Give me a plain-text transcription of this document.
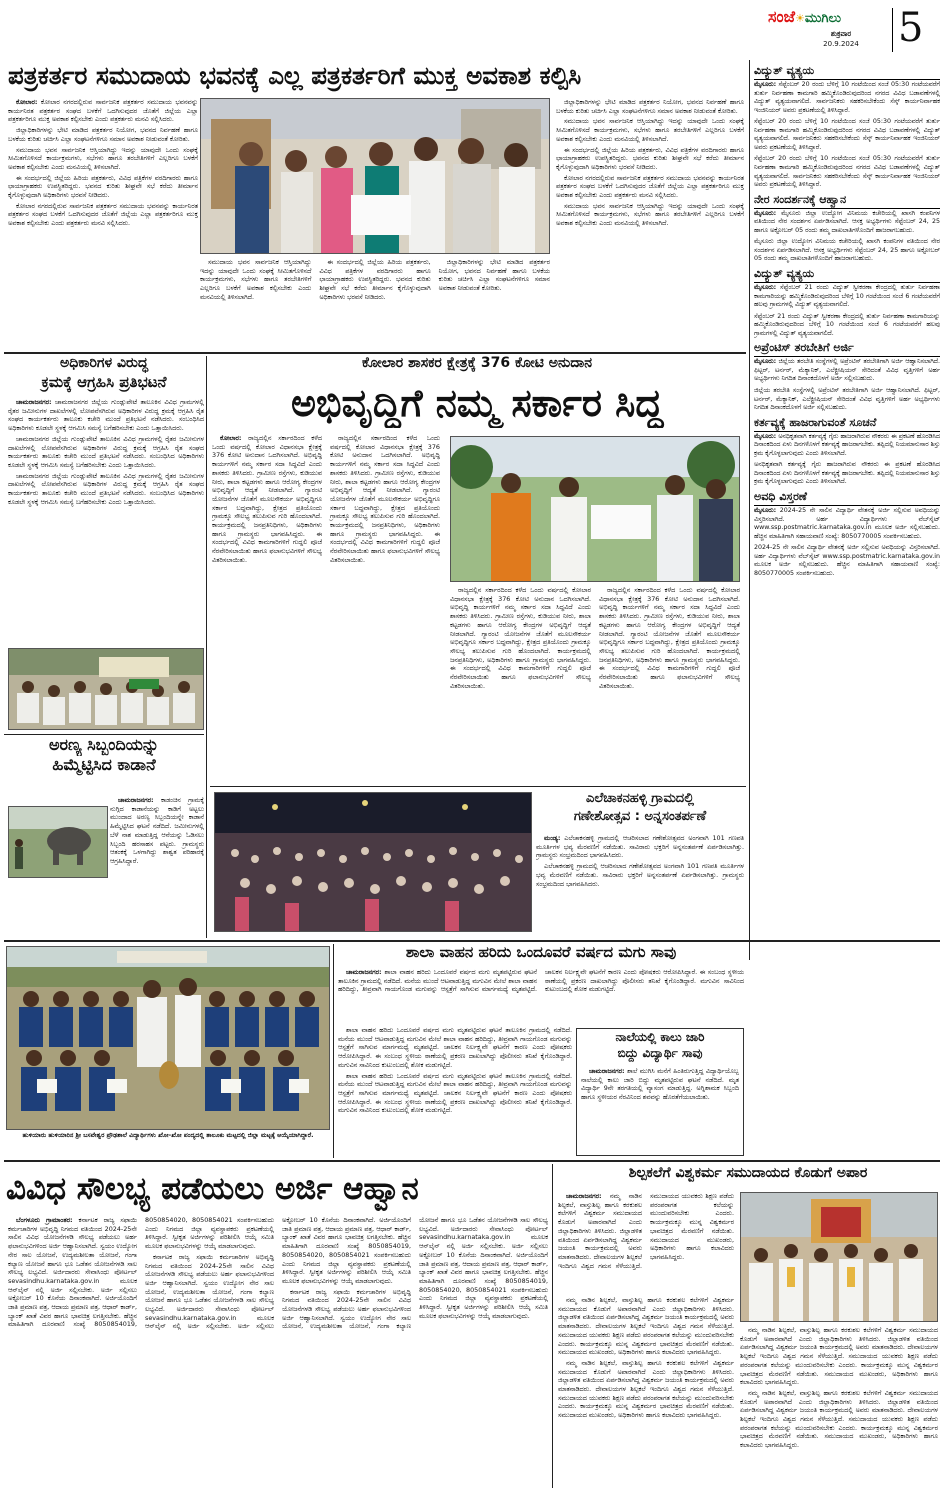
ಸಂಜೆ☀ಮುಗಿಲು
ಶುಕ್ರವಾರ
20.9.2024 5
ಪತ್ರಕರ್ತರ ಸಮುದಾಯ ಭವನಕ್ಕೆ ಎಲ್ಲ ಪತ್ರಕರ್ತರಿಗೆ ಮುಕ್ತ ಅವಕಾಶ ಕಲ್ಪಿಸಿ

ಕೋಲಾರ: ಕೋಲಾರ ನಗರದಲ್ಲಿರುವ ಸಾರ್ವಜನಿಕ ಪತ್ರಕರ್ತರ ಸಮುದಾಯ ಭವನವನ್ನು ಕಾರ್ಯನಿರತ ಪತ್ರಕರ್ತರ ಸಂಘದ ಬಳಕೆಗೆ ಒದಗಿಸುವುದರ ಜೊತೆಗೆ ಜಿಲ್ಲೆಯ ಎಲ್ಲಾ ಪತ್ರಕರ್ತರಿಗೂ ಮುಕ್ತ ಅವಕಾಶ ಕಲ್ಪಿಸಬೇಕು ಎಂದು ಪತ್ರಕರ್ತರು ಮನವಿ ಸಲ್ಲಿಸಿದರು.

ಜಿಲ್ಲಾಧಿಕಾರಿಗಳನ್ನು ಭೇಟಿ ಮಾಡಿದ ಪತ್ರಕರ್ತರ ನಿಯೋಗ, ಭವನದ ನಿರ್ವಹಣೆ ಹಾಗೂ ಬಳಕೆಯ ಕುರಿತು ಚರ್ಚಿಸಿ ಎಲ್ಲಾ ಸಂಘಟನೆಗಳಿಗೂ ಸಮಾನ ಅವಕಾಶ ನೀಡುವಂತೆ ಕೋರಿತು.

ಸಮುದಾಯ ಭವನ ಸಾರ್ವಜನಿಕ ಆಸ್ತಿಯಾಗಿದ್ದು ಇದನ್ನು ಯಾವುದೇ ಒಂದು ಸಂಘಕ್ಕೆ ಸೀಮಿತಗೊಳಿಸದೆ ಕಾರ್ಯಕ್ರಮಗಳು, ಸಭೆಗಳು ಹಾಗೂ ತರಬೇತಿಗಳಿಗೆ ಎಲ್ಲರಿಗೂ ಬಳಕೆಗೆ ಅವಕಾಶ ಕಲ್ಪಿಸಬೇಕು ಎಂದು ಮನವಿಯಲ್ಲಿ ತಿಳಿಸಲಾಗಿದೆ.

ಈ ಸಂದರ್ಭದಲ್ಲಿ ಜಿಲ್ಲೆಯ ಹಿರಿಯ ಪತ್ರಕರ್ತರು, ವಿವಿಧ ಪತ್ರಿಕೆಗಳ ವರದಿಗಾರರು ಹಾಗೂ ಛಾಯಾಗ್ರಾಹಕರು ಉಪಸ್ಥಿತರಿದ್ದರು. ಭವನದ ಕುರಿತು ಶೀಘ್ರವೇ ಸಭೆ ಕರೆದು ತೀರ್ಮಾನ ಕೈಗೊಳ್ಳುವುದಾಗಿ ಅಧಿಕಾರಿಗಳು ಭರವಸೆ ನೀಡಿದರು.

ಕೋಲಾರ ನಗರದಲ್ಲಿರುವ ಸಾರ್ವಜನಿಕ ಪತ್ರಕರ್ತರ ಸಮುದಾಯ ಭವನವನ್ನು ಕಾರ್ಯನಿರತ ಪತ್ರಕರ್ತರ ಸಂಘದ ಬಳಕೆಗೆ ಒದಗಿಸುವುದರ ಜೊತೆಗೆ ಜಿಲ್ಲೆಯ ಎಲ್ಲಾ ಪತ್ರಕರ್ತರಿಗೂ ಮುಕ್ತ ಅವಕಾಶ ಕಲ್ಪಿಸಬೇಕು ಎಂದು ಪತ್ರಕರ್ತರು ಮನವಿ ಸಲ್ಲಿಸಿದರು.

ಸಮುದಾಯ ಭವನ ಸಾರ್ವಜನಿಕ ಆಸ್ತಿಯಾಗಿದ್ದು ಇದನ್ನು ಯಾವುದೇ ಒಂದು ಸಂಘಕ್ಕೆ ಸೀಮಿತಗೊಳಿಸದೆ ಕಾರ್ಯಕ್ರಮಗಳು, ಸಭೆಗಳು ಹಾಗೂ ತರಬೇತಿಗಳಿಗೆ ಎಲ್ಲರಿಗೂ ಬಳಕೆಗೆ ಅವಕಾಶ ಕಲ್ಪಿಸಬೇಕು ಎಂದು ಮನವಿಯಲ್ಲಿ ತಿಳಿಸಲಾಗಿದೆ.

ಈ ಸಂದರ್ಭದಲ್ಲಿ ಜಿಲ್ಲೆಯ ಹಿರಿಯ ಪತ್ರಕರ್ತರು, ವಿವಿಧ ಪತ್ರಿಕೆಗಳ ವರದಿಗಾರರು ಹಾಗೂ ಛಾಯಾಗ್ರಾಹಕರು ಉಪಸ್ಥಿತರಿದ್ದರು. ಭವನದ ಕುರಿತು ಶೀಘ್ರವೇ ಸಭೆ ಕರೆದು ತೀರ್ಮಾನ ಕೈಗೊಳ್ಳುವುದಾಗಿ ಅಧಿಕಾರಿಗಳು ಭರವಸೆ ನೀಡಿದರು.

ಜಿಲ್ಲಾಧಿಕಾರಿಗಳನ್ನು ಭೇಟಿ ಮಾಡಿದ ಪತ್ರಕರ್ತರ ನಿಯೋಗ, ಭವನದ ನಿರ್ವಹಣೆ ಹಾಗೂ ಬಳಕೆಯ ಕುರಿತು ಚರ್ಚಿಸಿ ಎಲ್ಲಾ ಸಂಘಟನೆಗಳಿಗೂ ಸಮಾನ ಅವಕಾಶ ನೀಡುವಂತೆ ಕೋರಿತು.

ಜಿಲ್ಲಾಧಿಕಾರಿಗಳನ್ನು ಭೇಟಿ ಮಾಡಿದ ಪತ್ರಕರ್ತರ ನಿಯೋಗ, ಭವನದ ನಿರ್ವಹಣೆ ಹಾಗೂ ಬಳಕೆಯ ಕುರಿತು ಚರ್ಚಿಸಿ ಎಲ್ಲಾ ಸಂಘಟನೆಗಳಿಗೂ ಸಮಾನ ಅವಕಾಶ ನೀಡುವಂತೆ ಕೋರಿತು.

ಸಮುದಾಯ ಭವನ ಸಾರ್ವಜನಿಕ ಆಸ್ತಿಯಾಗಿದ್ದು ಇದನ್ನು ಯಾವುದೇ ಒಂದು ಸಂಘಕ್ಕೆ ಸೀಮಿತಗೊಳಿಸದೆ ಕಾರ್ಯಕ್ರಮಗಳು, ಸಭೆಗಳು ಹಾಗೂ ತರಬೇತಿಗಳಿಗೆ ಎಲ್ಲರಿಗೂ ಬಳಕೆಗೆ ಅವಕಾಶ ಕಲ್ಪಿಸಬೇಕು ಎಂದು ಮನವಿಯಲ್ಲಿ ತಿಳಿಸಲಾಗಿದೆ.

ಈ ಸಂದರ್ಭದಲ್ಲಿ ಜಿಲ್ಲೆಯ ಹಿರಿಯ ಪತ್ರಕರ್ತರು, ವಿವಿಧ ಪತ್ರಿಕೆಗಳ ವರದಿಗಾರರು ಹಾಗೂ ಛಾಯಾಗ್ರಾಹಕರು ಉಪಸ್ಥಿತರಿದ್ದರು. ಭವನದ ಕುರಿತು ಶೀಘ್ರವೇ ಸಭೆ ಕರೆದು ತೀರ್ಮಾನ ಕೈಗೊಳ್ಳುವುದಾಗಿ ಅಧಿಕಾರಿಗಳು ಭರವಸೆ ನೀಡಿದರು.

ಕೋಲಾರ ನಗರದಲ್ಲಿರುವ ಸಾರ್ವಜನಿಕ ಪತ್ರಕರ್ತರ ಸಮುದಾಯ ಭವನವನ್ನು ಕಾರ್ಯನಿರತ ಪತ್ರಕರ್ತರ ಸಂಘದ ಬಳಕೆಗೆ ಒದಗಿಸುವುದರ ಜೊತೆಗೆ ಜಿಲ್ಲೆಯ ಎಲ್ಲಾ ಪತ್ರಕರ್ತರಿಗೂ ಮುಕ್ತ ಅವಕಾಶ ಕಲ್ಪಿಸಬೇಕು ಎಂದು ಪತ್ರಕರ್ತರು ಮನವಿ ಸಲ್ಲಿಸಿದರು.

ಸಮುದಾಯ ಭವನ ಸಾರ್ವಜನಿಕ ಆಸ್ತಿಯಾಗಿದ್ದು ಇದನ್ನು ಯಾವುದೇ ಒಂದು ಸಂಘಕ್ಕೆ ಸೀಮಿತಗೊಳಿಸದೆ ಕಾರ್ಯಕ್ರಮಗಳು, ಸಭೆಗಳು ಹಾಗೂ ತರಬೇತಿಗಳಿಗೆ ಎಲ್ಲರಿಗೂ ಬಳಕೆಗೆ ಅವಕಾಶ ಕಲ್ಪಿಸಬೇಕು ಎಂದು ಮನವಿಯಲ್ಲಿ ತಿಳಿಸಲಾಗಿದೆ.

ವಿದ್ಯುತ್ ವ್ಯತ್ಯಯ
ಮೈಸೂರು: ಸೆಪ್ಟೆಂಬರ್ 20 ರಂದು ಬೆಳಿಗ್ಗೆ 10 ಗಂಟೆಯಿಂದ ಸಂಜೆ 05:30 ಗಂಟೆಯವರೆಗೆ ತುರ್ತು ನಿರ್ವಹಣಾ ಕಾಮಗಾರಿ ಹಮ್ಮಿಕೊಂಡಿರುವುದರಿಂದ ನಗರದ ವಿವಿಧ ಬಡಾವಣೆಗಳಲ್ಲಿ ವಿದ್ಯುತ್ ವ್ಯತ್ಯಯವಾಗಲಿದೆ. ಸಾರ್ವಜನಿಕರು ಸಹಕರಿಸಬೇಕೆಂದು ಸೆಸ್ಕ್ ಕಾರ್ಯನಿರ್ವಾಹಕ ಇಂಜಿನಿಯರ್ ಅವರು ಪ್ರಕಟಣೆಯಲ್ಲಿ ತಿಳಿಸಿದ್ದಾರೆ.
ಸೆಪ್ಟೆಂಬರ್ 20 ರಂದು ಬೆಳಿಗ್ಗೆ 10 ಗಂಟೆಯಿಂದ ಸಂಜೆ 05:30 ಗಂಟೆಯವರೆಗೆ ತುರ್ತು ನಿರ್ವಹಣಾ ಕಾಮಗಾರಿ ಹಮ್ಮಿಕೊಂಡಿರುವುದರಿಂದ ನಗರದ ವಿವಿಧ ಬಡಾವಣೆಗಳಲ್ಲಿ ವಿದ್ಯುತ್ ವ್ಯತ್ಯಯವಾಗಲಿದೆ. ಸಾರ್ವಜನಿಕರು ಸಹಕರಿಸಬೇಕೆಂದು ಸೆಸ್ಕ್ ಕಾರ್ಯನಿರ್ವಾಹಕ ಇಂಜಿನಿಯರ್ ಅವರು ಪ್ರಕಟಣೆಯಲ್ಲಿ ತಿಳಿಸಿದ್ದಾರೆ.
ಸೆಪ್ಟೆಂಬರ್ 20 ರಂದು ಬೆಳಿಗ್ಗೆ 10 ಗಂಟೆಯಿಂದ ಸಂಜೆ 05:30 ಗಂಟೆಯವರೆಗೆ ತುರ್ತು ನಿರ್ವಹಣಾ ಕಾಮಗಾರಿ ಹಮ್ಮಿಕೊಂಡಿರುವುದರಿಂದ ನಗರದ ವಿವಿಧ ಬಡಾವಣೆಗಳಲ್ಲಿ ವಿದ್ಯುತ್ ವ್ಯತ್ಯಯವಾಗಲಿದೆ. ಸಾರ್ವಜನಿಕರು ಸಹಕರಿಸಬೇಕೆಂದು ಸೆಸ್ಕ್ ಕಾರ್ಯನಿರ್ವಾಹಕ ಇಂಜಿನಿಯರ್ ಅವರು ಪ್ರಕಟಣೆಯಲ್ಲಿ ತಿಳಿಸಿದ್ದಾರೆ.
ನೇರ ಸಂದರ್ಶನಕ್ಕೆ ಆಹ್ವಾನ
ಮೈಸೂರು: ಮೈಸೂರು ಜಿಲ್ಲಾ ಉದ್ಯೋಗ ವಿನಿಮಯ ಕಚೇರಿಯಲ್ಲಿ ಖಾಸಗಿ ಕಂಪನಿಗಳ ವತಿಯಿಂದ ನೇರ ಸಂದರ್ಶನ ಏರ್ಪಡಿಸಲಾಗಿದೆ. ಆಸಕ್ತ ಅಭ್ಯರ್ಥಿಗಳು ಸೆಪ್ಟೆಂಬರ್ 24, 25 ಹಾಗೂ ಅಕ್ಟೋಬರ್ 05 ರಂದು ತಮ್ಮ ದಾಖಲಾತಿಗಳೊಂದಿಗೆ ಹಾಜರಾಗಬಹುದು.
ಮೈಸೂರು ಜಿಲ್ಲಾ ಉದ್ಯೋಗ ವಿನಿಮಯ ಕಚೇರಿಯಲ್ಲಿ ಖಾಸಗಿ ಕಂಪನಿಗಳ ವತಿಯಿಂದ ನೇರ ಸಂದರ್ಶನ ಏರ್ಪಡಿಸಲಾಗಿದೆ. ಆಸಕ್ತ ಅಭ್ಯರ್ಥಿಗಳು ಸೆಪ್ಟೆಂಬರ್ 24, 25 ಹಾಗೂ ಅಕ್ಟೋಬರ್ 05 ರಂದು ತಮ್ಮ ದಾಖಲಾತಿಗಳೊಂದಿಗೆ ಹಾಜರಾಗಬಹುದು.
ವಿದ್ಯುತ್ ವ್ಯತ್ಯಯ
ಮೈಸೂರು: ಸೆಪ್ಟೆಂಬರ್ 21 ರಂದು ವಿದ್ಯುತ್ ಸ್ವೀಕರಣಾ ಕೇಂದ್ರದಲ್ಲಿ ತುರ್ತು ನಿರ್ವಹಣಾ ಕಾಮಗಾರಿಯನ್ನು ಹಮ್ಮಿಕೊಂಡಿರುವುದರಿಂದ ಬೆಳಿಗ್ಗೆ 10 ಗಂಟೆಯಿಂದ ಸಂಜೆ 6 ಗಂಟೆಯವರೆಗೆ ಹಲವು ಗ್ರಾಮಗಳಲ್ಲಿ ವಿದ್ಯುತ್ ವ್ಯತ್ಯಯವಾಗಲಿದೆ.
ಸೆಪ್ಟೆಂಬರ್ 21 ರಂದು ವಿದ್ಯುತ್ ಸ್ವೀಕರಣಾ ಕೇಂದ್ರದಲ್ಲಿ ತುರ್ತು ನಿರ್ವಹಣಾ ಕಾಮಗಾರಿಯನ್ನು ಹಮ್ಮಿಕೊಂಡಿರುವುದರಿಂದ ಬೆಳಿಗ್ಗೆ 10 ಗಂಟೆಯಿಂದ ಸಂಜೆ 6 ಗಂಟೆಯವರೆಗೆ ಹಲವು ಗ್ರಾಮಗಳಲ್ಲಿ ವಿದ್ಯುತ್ ವ್ಯತ್ಯಯವಾಗಲಿದೆ.
ಅಪ್ರೆಂಟಿಸ್ ತರಬೇತಿಗೆ ಅರ್ಜಿ
ಮೈಸೂರು: ಜಿಲ್ಲೆಯ ತರಬೇತಿ ಸಂಸ್ಥೆಗಳಲ್ಲಿ ಅಪ್ರೆಂಟಿಸ್ ತರಬೇತಿಗಾಗಿ ಅರ್ಜಿ ಆಹ್ವಾನಿಸಲಾಗಿದೆ. ಫಿಟ್ಟರ್, ಟರ್ನರ್, ಮೆಕ್ಯಾನಿಕ್, ಎಲೆಕ್ಟ್ರೀಷಿಯನ್ ಸೇರಿದಂತೆ ವಿವಿಧ ವೃತ್ತಿಗಳಿಗೆ ಅರ್ಹ ಅಭ್ಯರ್ಥಿಗಳು ನಿಗದಿತ ದಿನಾಂಕದೊಳಗೆ ಅರ್ಜಿ ಸಲ್ಲಿಸಬಹುದು.
ಜಿಲ್ಲೆಯ ತರಬೇತಿ ಸಂಸ್ಥೆಗಳಲ್ಲಿ ಅಪ್ರೆಂಟಿಸ್ ತರಬೇತಿಗಾಗಿ ಅರ್ಜಿ ಆಹ್ವಾನಿಸಲಾಗಿದೆ. ಫಿಟ್ಟರ್, ಟರ್ನರ್, ಮೆಕ್ಯಾನಿಕ್, ಎಲೆಕ್ಟ್ರೀಷಿಯನ್ ಸೇರಿದಂತೆ ವಿವಿಧ ವೃತ್ತಿಗಳಿಗೆ ಅರ್ಹ ಅಭ್ಯರ್ಥಿಗಳು ನಿಗದಿತ ದಿನಾಂಕದೊಳಗೆ ಅರ್ಜಿ ಸಲ್ಲಿಸಬಹುದು.
ಕರ್ತವ್ಯಕ್ಕೆ ಹಾಜರಾಗುವಂತೆ ಸೂಚನೆ
ಮೈಸೂರು: ಅನಧಿಕೃತವಾಗಿ ಕರ್ತವ್ಯಕ್ಕೆ ಗೈರು ಹಾಜರಾಗಿರುವ ನೌಕರರು ಈ ಪ್ರಕಟಣೆ ಹೊರಡಿಸಿದ ದಿನಾಂಕದಿಂದ ಏಳು ದಿನಗಳೊಳಗೆ ಕರ್ತವ್ಯಕ್ಕೆ ಹಾಜರಾಗಬೇಕು. ತಪ್ಪಿದಲ್ಲಿ ನಿಯಮಾನುಸಾರ ಶಿಸ್ತು ಕ್ರಮ ಕೈಗೊಳ್ಳಲಾಗುವುದು ಎಂದು ತಿಳಿಸಲಾಗಿದೆ.
ಅನಧಿಕೃತವಾಗಿ ಕರ್ತವ್ಯಕ್ಕೆ ಗೈರು ಹಾಜರಾಗಿರುವ ನೌಕರರು ಈ ಪ್ರಕಟಣೆ ಹೊರಡಿಸಿದ ದಿನಾಂಕದಿಂದ ಏಳು ದಿನಗಳೊಳಗೆ ಕರ್ತವ್ಯಕ್ಕೆ ಹಾಜರಾಗಬೇಕು. ತಪ್ಪಿದಲ್ಲಿ ನಿಯಮಾನುಸಾರ ಶಿಸ್ತು ಕ್ರಮ ಕೈಗೊಳ್ಳಲಾಗುವುದು ಎಂದು ತಿಳಿಸಲಾಗಿದೆ.
ಅವಧಿ ವಿಸ್ತರಣೆ
ಮೈಸೂರು: 2024-25 ನೇ ಸಾಲಿನ ವಿದ್ಯಾರ್ಥಿ ವೇತನಕ್ಕೆ ಅರ್ಜಿ ಸಲ್ಲಿಸುವ ಅವಧಿಯನ್ನು ವಿಸ್ತರಿಸಲಾಗಿದೆ. ಅರ್ಹ ವಿದ್ಯಾರ್ಥಿಗಳು ವೆಬ್‌ಸೈಟ್ www.ssp.postmatric.karnataka.gov.in ಮೂಲಕ ಅರ್ಜಿ ಸಲ್ಲಿಸಬಹುದು. ಹೆಚ್ಚಿನ ಮಾಹಿತಿಗಾಗಿ ಸಹಾಯವಾಣಿ ಸಂಖ್ಯೆ: 8050770005 ಸಂಪರ್ಕಿಸಬಹುದು.
2024-25 ನೇ ಸಾಲಿನ ವಿದ್ಯಾರ್ಥಿ ವೇತನಕ್ಕೆ ಅರ್ಜಿ ಸಲ್ಲಿಸುವ ಅವಧಿಯನ್ನು ವಿಸ್ತರಿಸಲಾಗಿದೆ. ಅರ್ಹ ವಿದ್ಯಾರ್ಥಿಗಳು ವೆಬ್‌ಸೈಟ್ www.ssp.postmatric.karnataka.gov.in ಮೂಲಕ ಅರ್ಜಿ ಸಲ್ಲಿಸಬಹುದು. ಹೆಚ್ಚಿನ ಮಾಹಿತಿಗಾಗಿ ಸಹಾಯವಾಣಿ ಸಂಖ್ಯೆ: 8050770005 ಸಂಪರ್ಕಿಸಬಹುದು.
ಅಧಿಕಾರಿಗಳ ವಿರುದ್ಧ
ಕ್ರಮಕ್ಕೆ ಆಗ್ರಹಿಸಿ ಪ್ರತಿಭಟನೆ

ಚಾಮರಾಜನಗರ: ಚಾಮರಾಜನಗರ ಜಿಲ್ಲೆಯ ಗುಂಡ್ಲುಪೇಟೆ ತಾಲೂಕಿನ ವಿವಿಧ ಗ್ರಾಮಗಳಲ್ಲಿ ರೈತರ ಜಮೀನುಗಳ ದಾಖಲೆಗಳಲ್ಲಿ ಲೋಪವೆಸಗಿರುವ ಅಧಿಕಾರಿಗಳ ವಿರುದ್ಧ ಕ್ರಮಕ್ಕೆ ಆಗ್ರಹಿಸಿ ರೈತ ಸಂಘದ ಕಾರ್ಯಕರ್ತರು ತಾಲೂಕು ಕಚೇರಿ ಮುಂದೆ ಪ್ರತಿಭಟನೆ ನಡೆಸಿದರು. ಸಂಬಂಧಿಸಿದ ಅಧಿಕಾರಿಗಳು ಕೂಡಲೇ ಸ್ಥಳಕ್ಕೆ ಆಗಮಿಸಿ ಸಮಸ್ಯೆ ಬಗೆಹರಿಸಬೇಕು ಎಂದು ಒತ್ತಾಯಿಸಿದರು.

ಚಾಮರಾಜನಗರ ಜಿಲ್ಲೆಯ ಗುಂಡ್ಲುಪೇಟೆ ತಾಲೂಕಿನ ವಿವಿಧ ಗ್ರಾಮಗಳಲ್ಲಿ ರೈತರ ಜಮೀನುಗಳ ದಾಖಲೆಗಳಲ್ಲಿ ಲೋಪವೆಸಗಿರುವ ಅಧಿಕಾರಿಗಳ ವಿರುದ್ಧ ಕ್ರಮಕ್ಕೆ ಆಗ್ರಹಿಸಿ ರೈತ ಸಂಘದ ಕಾರ್ಯಕರ್ತರು ತಾಲೂಕು ಕಚೇರಿ ಮುಂದೆ ಪ್ರತಿಭಟನೆ ನಡೆಸಿದರು. ಸಂಬಂಧಿಸಿದ ಅಧಿಕಾರಿಗಳು ಕೂಡಲೇ ಸ್ಥಳಕ್ಕೆ ಆಗಮಿಸಿ ಸಮಸ್ಯೆ ಬಗೆಹರಿಸಬೇಕು ಎಂದು ಒತ್ತಾಯಿಸಿದರು.

ಚಾಮರಾಜನಗರ ಜಿಲ್ಲೆಯ ಗುಂಡ್ಲುಪೇಟೆ ತಾಲೂಕಿನ ವಿವಿಧ ಗ್ರಾಮಗಳಲ್ಲಿ ರೈತರ ಜಮೀನುಗಳ ದಾಖಲೆಗಳಲ್ಲಿ ಲೋಪವೆಸಗಿರುವ ಅಧಿಕಾರಿಗಳ ವಿರುದ್ಧ ಕ್ರಮಕ್ಕೆ ಆಗ್ರಹಿಸಿ ರೈತ ಸಂಘದ ಕಾರ್ಯಕರ್ತರು ತಾಲೂಕು ಕಚೇರಿ ಮುಂದೆ ಪ್ರತಿಭಟನೆ ನಡೆಸಿದರು. ಸಂಬಂಧಿಸಿದ ಅಧಿಕಾರಿಗಳು ಕೂಡಲೇ ಸ್ಥಳಕ್ಕೆ ಆಗಮಿಸಿ ಸಮಸ್ಯೆ ಬಗೆಹರಿಸಬೇಕು ಎಂದು ಒತ್ತಾಯಿಸಿದರು.

ಅರಣ್ಯ ಸಿಬ್ಬಂದಿಯನ್ನು
ಹಿಮ್ಮೆಟ್ಟಿಸಿದ ಕಾಡಾನೆ

ಚಾಮರಾಜನಗರ: ಕಾಡಂಚಿನ ಗ್ರಾಮಕ್ಕೆ ನುಗ್ಗಿದ ಕಾಡಾನೆಯನ್ನು ಕಾಡಿಗೆ ಅಟ್ಟಲು ಮುಂದಾದ ಅರಣ್ಯ ಸಿಬ್ಬಂದಿಯನ್ನೇ ಕಾಡಾನೆ ಹಿಮ್ಮೆಟ್ಟಿಸಿದ ಘಟನೆ ನಡೆದಿದೆ. ಜಮೀನುಗಳಲ್ಲಿ ಬೆಳೆ ನಾಶ ಮಾಡುತ್ತಿದ್ದ ಆನೆಯನ್ನು ಓಡಿಸಲು ಸಿಬ್ಬಂದಿ ಹರಸಾಹಸ ಪಟ್ಟರು. ಗ್ರಾಮಸ್ಥರು ಆತಂಕಕ್ಕೆ ಒಳಗಾಗಿದ್ದು ಶಾಶ್ವತ ಪರಿಹಾರಕ್ಕೆ ಆಗ್ರಹಿಸಿದ್ದಾರೆ.

ಕೋಲಾರ ಶಾಸಕರ ಕ್ಷೇತ್ರಕ್ಕೆ 376 ಕೋಟಿ ಅನುದಾನ
ಅಭಿವೃದ್ಧಿಗೆ ನಮ್ಮ ಸರ್ಕಾರ ಸಿದ್ಧ

ಕೋಲಾರ: ರಾಜ್ಯದಲ್ಲಿನ ಸರ್ಕಾರದಿಂದ ಕಳೆದ ಒಂದು ವರ್ಷದಲ್ಲಿ ಕೋಲಾರ ವಿಧಾನಸಭಾ ಕ್ಷೇತ್ರಕ್ಕೆ 376 ಕೋಟಿ ಅನುದಾನ ಒದಗಿಸಲಾಗಿದೆ. ಅಭಿವೃದ್ಧಿ ಕಾರ್ಯಗಳಿಗೆ ನಮ್ಮ ಸರ್ಕಾರ ಸದಾ ಸಿದ್ಧವಿದೆ ಎಂದು ಶಾಸಕರು ತಿಳಿಸಿದರು. ಗ್ರಾಮೀಣ ರಸ್ತೆಗಳು, ಕುಡಿಯುವ ನೀರು, ಶಾಲಾ ಕಟ್ಟಡಗಳು ಹಾಗೂ ಆರೋಗ್ಯ ಕೇಂದ್ರಗಳ ಅಭಿವೃದ್ಧಿಗೆ ಆದ್ಯತೆ ನೀಡಲಾಗಿದೆ. ಗ್ಯಾರಂಟಿ ಯೋಜನೆಗಳ ಜೊತೆಗೆ ಮೂಲಸೌಕರ್ಯ ಅಭಿವೃದ್ಧಿಗೂ ಸರ್ಕಾರ ಬದ್ಧವಾಗಿದ್ದು, ಕ್ಷೇತ್ರದ ಪ್ರತಿಯೊಂದು ಗ್ರಾಮಕ್ಕೂ ಸೌಲಭ್ಯ ತಲುಪಿಸುವ ಗುರಿ ಹೊಂದಲಾಗಿದೆ. ಕಾರ್ಯಕ್ರಮದಲ್ಲಿ ಜನಪ್ರತಿನಿಧಿಗಳು, ಅಧಿಕಾರಿಗಳು ಹಾಗೂ ಗ್ರಾಮಸ್ಥರು ಭಾಗವಹಿಸಿದ್ದರು. ಈ ಸಂದರ್ಭದಲ್ಲಿ ವಿವಿಧ ಕಾಮಗಾರಿಗಳಿಗೆ ಗುದ್ದಲಿ ಪೂಜೆ ನೆರವೇರಿಸಲಾಯಿತು ಹಾಗೂ ಫಲಾನುಭವಿಗಳಿಗೆ ಸೌಲಭ್ಯ ವಿತರಿಸಲಾಯಿತು.

ರಾಜ್ಯದಲ್ಲಿನ ಸರ್ಕಾರದಿಂದ ಕಳೆದ ಒಂದು ವರ್ಷದಲ್ಲಿ ಕೋಲಾರ ವಿಧಾನಸಭಾ ಕ್ಷೇತ್ರಕ್ಕೆ 376 ಕೋಟಿ ಅನುದಾನ ಒದಗಿಸಲಾಗಿದೆ. ಅಭಿವೃದ್ಧಿ ಕಾರ್ಯಗಳಿಗೆ ನಮ್ಮ ಸರ್ಕಾರ ಸದಾ ಸಿದ್ಧವಿದೆ ಎಂದು ಶಾಸಕರು ತಿಳಿಸಿದರು. ಗ್ರಾಮೀಣ ರಸ್ತೆಗಳು, ಕುಡಿಯುವ ನೀರು, ಶಾಲಾ ಕಟ್ಟಡಗಳು ಹಾಗೂ ಆರೋಗ್ಯ ಕೇಂದ್ರಗಳ ಅಭಿವೃದ್ಧಿಗೆ ಆದ್ಯತೆ ನೀಡಲಾಗಿದೆ. ಗ್ಯಾರಂಟಿ ಯೋಜನೆಗಳ ಜೊತೆಗೆ ಮೂಲಸೌಕರ್ಯ ಅಭಿವೃದ್ಧಿಗೂ ಸರ್ಕಾರ ಬದ್ಧವಾಗಿದ್ದು, ಕ್ಷೇತ್ರದ ಪ್ರತಿಯೊಂದು ಗ್ರಾಮಕ್ಕೂ ಸೌಲಭ್ಯ ತಲುಪಿಸುವ ಗುರಿ ಹೊಂದಲಾಗಿದೆ. ಕಾರ್ಯಕ್ರಮದಲ್ಲಿ ಜನಪ್ರತಿನಿಧಿಗಳು, ಅಧಿಕಾರಿಗಳು ಹಾಗೂ ಗ್ರಾಮಸ್ಥರು ಭಾಗವಹಿಸಿದ್ದರು. ಈ ಸಂದರ್ಭದಲ್ಲಿ ವಿವಿಧ ಕಾಮಗಾರಿಗಳಿಗೆ ಗುದ್ದಲಿ ಪೂಜೆ ನೆರವೇರಿಸಲಾಯಿತು ಹಾಗೂ ಫಲಾನುಭವಿಗಳಿಗೆ ಸೌಲಭ್ಯ ವಿತರಿಸಲಾಯಿತು.

ರಾಜ್ಯದಲ್ಲಿನ ಸರ್ಕಾರದಿಂದ ಕಳೆದ ಒಂದು ವರ್ಷದಲ್ಲಿ ಕೋಲಾರ ವಿಧಾನಸಭಾ ಕ್ಷೇತ್ರಕ್ಕೆ 376 ಕೋಟಿ ಅನುದಾನ ಒದಗಿಸಲಾಗಿದೆ. ಅಭಿವೃದ್ಧಿ ಕಾರ್ಯಗಳಿಗೆ ನಮ್ಮ ಸರ್ಕಾರ ಸದಾ ಸಿದ್ಧವಿದೆ ಎಂದು ಶಾಸಕರು ತಿಳಿಸಿದರು. ಗ್ರಾಮೀಣ ರಸ್ತೆಗಳು, ಕುಡಿಯುವ ನೀರು, ಶಾಲಾ ಕಟ್ಟಡಗಳು ಹಾಗೂ ಆರೋಗ್ಯ ಕೇಂದ್ರಗಳ ಅಭಿವೃದ್ಧಿಗೆ ಆದ್ಯತೆ ನೀಡಲಾಗಿದೆ. ಗ್ಯಾರಂಟಿ ಯೋಜನೆಗಳ ಜೊತೆಗೆ ಮೂಲಸೌಕರ್ಯ ಅಭಿವೃದ್ಧಿಗೂ ಸರ್ಕಾರ ಬದ್ಧವಾಗಿದ್ದು, ಕ್ಷೇತ್ರದ ಪ್ರತಿಯೊಂದು ಗ್ರಾಮಕ್ಕೂ ಸೌಲಭ್ಯ ತಲುಪಿಸುವ ಗುರಿ ಹೊಂದಲಾಗಿದೆ. ಕಾರ್ಯಕ್ರಮದಲ್ಲಿ ಜನಪ್ರತಿನಿಧಿಗಳು, ಅಧಿಕಾರಿಗಳು ಹಾಗೂ ಗ್ರಾಮಸ್ಥರು ಭಾಗವಹಿಸಿದ್ದರು. ಈ ಸಂದರ್ಭದಲ್ಲಿ ವಿವಿಧ ಕಾಮಗಾರಿಗಳಿಗೆ ಗುದ್ದಲಿ ಪೂಜೆ ನೆರವೇರಿಸಲಾಯಿತು ಹಾಗೂ ಫಲಾನುಭವಿಗಳಿಗೆ ಸೌಲಭ್ಯ ವಿತರಿಸಲಾಯಿತು.

ರಾಜ್ಯದಲ್ಲಿನ ಸರ್ಕಾರದಿಂದ ಕಳೆದ ಒಂದು ವರ್ಷದಲ್ಲಿ ಕೋಲಾರ ವಿಧಾನಸಭಾ ಕ್ಷೇತ್ರಕ್ಕೆ 376 ಕೋಟಿ ಅನುದಾನ ಒದಗಿಸಲಾಗಿದೆ. ಅಭಿವೃದ್ಧಿ ಕಾರ್ಯಗಳಿಗೆ ನಮ್ಮ ಸರ್ಕಾರ ಸದಾ ಸಿದ್ಧವಿದೆ ಎಂದು ಶಾಸಕರು ತಿಳಿಸಿದರು. ಗ್ರಾಮೀಣ ರಸ್ತೆಗಳು, ಕುಡಿಯುವ ನೀರು, ಶಾಲಾ ಕಟ್ಟಡಗಳು ಹಾಗೂ ಆರೋಗ್ಯ ಕೇಂದ್ರಗಳ ಅಭಿವೃದ್ಧಿಗೆ ಆದ್ಯತೆ ನೀಡಲಾಗಿದೆ. ಗ್ಯಾರಂಟಿ ಯೋಜನೆಗಳ ಜೊತೆಗೆ ಮೂಲಸೌಕರ್ಯ ಅಭಿವೃದ್ಧಿಗೂ ಸರ್ಕಾರ ಬದ್ಧವಾಗಿದ್ದು, ಕ್ಷೇತ್ರದ ಪ್ರತಿಯೊಂದು ಗ್ರಾಮಕ್ಕೂ ಸೌಲಭ್ಯ ತಲುಪಿಸುವ ಗುರಿ ಹೊಂದಲಾಗಿದೆ. ಕಾರ್ಯಕ್ರಮದಲ್ಲಿ ಜನಪ್ರತಿನಿಧಿಗಳು, ಅಧಿಕಾರಿಗಳು ಹಾಗೂ ಗ್ರಾಮಸ್ಥರು ಭಾಗವಹಿಸಿದ್ದರು. ಈ ಸಂದರ್ಭದಲ್ಲಿ ವಿವಿಧ ಕಾಮಗಾರಿಗಳಿಗೆ ಗುದ್ದಲಿ ಪೂಜೆ ನೆರವೇರಿಸಲಾಯಿತು ಹಾಗೂ ಫಲಾನುಭವಿಗಳಿಗೆ ಸೌಲಭ್ಯ ವಿತರಿಸಲಾಯಿತು.

ಎಲೆಚಾಕನಹಳ್ಳಿ ಗ್ರಾಮದಲ್ಲಿ
ಗಣೇಶೋತ್ಸವ : ಅನ್ನಸಂತರ್ಪಣೆ

ಮಂಡ್ಯ: ಎಲೆಚಾಕನಹಳ್ಳಿ ಗ್ರಾಮದಲ್ಲಿ ಆಚರಿಸಲಾದ ಗಣೇಶೋತ್ಸವದ ಅಂಗವಾಗಿ 101 ಗಣಪತಿ ಮೂರ್ತಿಗಳ ಭವ್ಯ ಮೆರವಣಿಗೆ ನಡೆಯಿತು. ಸಾವಿರಾರು ಭಕ್ತರಿಗೆ ಅನ್ನಸಂತರ್ಪಣೆ ಏರ್ಪಡಿಸಲಾಗಿತ್ತು. ಗ್ರಾಮಸ್ಥರು ಸಂಭ್ರಮದಿಂದ ಭಾಗವಹಿಸಿದರು.

ಎಲೆಚಾಕನಹಳ್ಳಿ ಗ್ರಾಮದಲ್ಲಿ ಆಚರಿಸಲಾದ ಗಣೇಶೋತ್ಸವದ ಅಂಗವಾಗಿ 101 ಗಣಪತಿ ಮೂರ್ತಿಗಳ ಭವ್ಯ ಮೆರವಣಿಗೆ ನಡೆಯಿತು. ಸಾವಿರಾರು ಭಕ್ತರಿಗೆ ಅನ್ನಸಂತರ್ಪಣೆ ಏರ್ಪಡಿಸಲಾಗಿತ್ತು. ಗ್ರಾಮಸ್ಥರು ಸಂಭ್ರಮದಿಂದ ಭಾಗವಹಿಸಿದರು.

ಹುಳಿಯಾರು ಹುಳಿಯಾರಿನ ಶ್ರೀ ಬಸವೇಶ್ವರ ಪ್ರೌಢಶಾಲೆ ವಿದ್ಯಾರ್ಥಿಗಳು ಖೋ-ಖೋ ಪಂದ್ಯದಲ್ಲಿ ತಾಲೂಕು ಮಟ್ಟದಲ್ಲಿ ಜಿಲ್ಲಾ ಮಟ್ಟಕ್ಕೆ ಆಯ್ಕೆಯಾಗಿದ್ದಾರೆ.
ಶಾಲಾ ವಾಹನ ಹರಿದು ಒಂದೂವರೆ ವರ್ಷದ ಮಗು ಸಾವು

ಚಾಮರಾಜನಗರ: ಶಾಲಾ ವಾಹನ ಹರಿದು ಒಂದೂವರೆ ವರ್ಷದ ಮಗು ಮೃತಪಟ್ಟಿರುವ ಘಟನೆ ತಾಲೂಕಿನ ಗ್ರಾಮದಲ್ಲಿ ನಡೆದಿದೆ. ಮನೆಯ ಮುಂದೆ ಆಟವಾಡುತ್ತಿದ್ದ ಮಗುವಿನ ಮೇಲೆ ಶಾಲಾ ವಾಹನ ಹರಿದಿದ್ದು, ತೀವ್ರವಾಗಿ ಗಾಯಗೊಂಡ ಮಗುವನ್ನು ಆಸ್ಪತ್ರೆಗೆ ಸಾಗಿಸುವ ಮಾರ್ಗಮಧ್ಯೆ ಮೃತಪಟ್ಟಿದೆ. ಚಾಲಕನ ನಿರ್ಲಕ್ಷ್ಯವೇ ಘಟನೆಗೆ ಕಾರಣ ಎಂದು ಪೋಷಕರು ಆರೋಪಿಸಿದ್ದಾರೆ. ಈ ಸಂಬಂಧ ಸ್ಥಳೀಯ ಠಾಣೆಯಲ್ಲಿ ಪ್ರಕರಣ ದಾಖಲಾಗಿದ್ದು ಪೊಲೀಸರು ತನಿಖೆ ಕೈಗೊಂಡಿದ್ದಾರೆ. ಮಗುವಿನ ಸಾವಿನಿಂದ ಕುಟುಂಬದಲ್ಲಿ ಶೋಕ ಮಡುಗಟ್ಟಿದೆ.

ಶಾಲಾ ವಾಹನ ಹರಿದು ಒಂದೂವರೆ ವರ್ಷದ ಮಗು ಮೃತಪಟ್ಟಿರುವ ಘಟನೆ ತಾಲೂಕಿನ ಗ್ರಾಮದಲ್ಲಿ ನಡೆದಿದೆ. ಮನೆಯ ಮುಂದೆ ಆಟವಾಡುತ್ತಿದ್ದ ಮಗುವಿನ ಮೇಲೆ ಶಾಲಾ ವಾಹನ ಹರಿದಿದ್ದು, ತೀವ್ರವಾಗಿ ಗಾಯಗೊಂಡ ಮಗುವನ್ನು ಆಸ್ಪತ್ರೆಗೆ ಸಾಗಿಸುವ ಮಾರ್ಗಮಧ್ಯೆ ಮೃತಪಟ್ಟಿದೆ. ಚಾಲಕನ ನಿರ್ಲಕ್ಷ್ಯವೇ ಘಟನೆಗೆ ಕಾರಣ ಎಂದು ಪೋಷಕರು ಆರೋಪಿಸಿದ್ದಾರೆ. ಈ ಸಂಬಂಧ ಸ್ಥಳೀಯ ಠಾಣೆಯಲ್ಲಿ ಪ್ರಕರಣ ದಾಖಲಾಗಿದ್ದು ಪೊಲೀಸರು ತನಿಖೆ ಕೈಗೊಂಡಿದ್ದಾರೆ. ಮಗುವಿನ ಸಾವಿನಿಂದ ಕುಟುಂಬದಲ್ಲಿ ಶೋಕ ಮಡುಗಟ್ಟಿದೆ.

ಶಾಲಾ ವಾಹನ ಹರಿದು ಒಂದೂವರೆ ವರ್ಷದ ಮಗು ಮೃತಪಟ್ಟಿರುವ ಘಟನೆ ತಾಲೂಕಿನ ಗ್ರಾಮದಲ್ಲಿ ನಡೆದಿದೆ. ಮನೆಯ ಮುಂದೆ ಆಟವಾಡುತ್ತಿದ್ದ ಮಗುವಿನ ಮೇಲೆ ಶಾಲಾ ವಾಹನ ಹರಿದಿದ್ದು, ತೀವ್ರವಾಗಿ ಗಾಯಗೊಂಡ ಮಗುವನ್ನು ಆಸ್ಪತ್ರೆಗೆ ಸಾಗಿಸುವ ಮಾರ್ಗಮಧ್ಯೆ ಮೃತಪಟ್ಟಿದೆ. ಚಾಲಕನ ನಿರ್ಲಕ್ಷ್ಯವೇ ಘಟನೆಗೆ ಕಾರಣ ಎಂದು ಪೋಷಕರು ಆರೋಪಿಸಿದ್ದಾರೆ. ಈ ಸಂಬಂಧ ಸ್ಥಳೀಯ ಠಾಣೆಯಲ್ಲಿ ಪ್ರಕರಣ ದಾಖಲಾಗಿದ್ದು ಪೊಲೀಸರು ತನಿಖೆ ಕೈಗೊಂಡಿದ್ದಾರೆ. ಮಗುವಿನ ಸಾವಿನಿಂದ ಕುಟುಂಬದಲ್ಲಿ ಶೋಕ ಮಡುಗಟ್ಟಿದೆ.

ನಾಲೆಯಲ್ಲಿ ಕಾಲು ಜಾರಿ
ಬಿದ್ದು ವಿದ್ಯಾರ್ಥಿ ಸಾವು

ಚಾಮರಾಜನಗರ: ಶಾಲೆ ಮುಗಿಸಿ ಮನೆಗೆ ಹಿಂತಿರುಗುತ್ತಿದ್ದ ವಿದ್ಯಾರ್ಥಿಯೊಬ್ಬ ನಾಲೆಯಲ್ಲಿ ಕಾಲು ಜಾರಿ ಬಿದ್ದು ಮೃತಪಟ್ಟಿರುವ ಘಟನೆ ನಡೆದಿದೆ. ಮೃತ ವಿದ್ಯಾರ್ಥಿ 9ನೇ ತರಗತಿಯಲ್ಲಿ ವ್ಯಾಸಂಗ ಮಾಡುತ್ತಿದ್ದ. ಅಗ್ನಿಶಾಮಕ ಸಿಬ್ಬಂದಿ ಹಾಗೂ ಸ್ಥಳೀಯರ ನೆರವಿನಿಂದ ಶವವನ್ನು ಹೊರತೆಗೆಯಲಾಯಿತು.

ವಿವಿಧ ಸೌಲಭ್ಯ ಪಡೆಯಲು ಅರ್ಜಿ ಆಹ್ವಾನ

ಬೆಂಗಳೂರು ಗ್ರಾಮಾಂತರ: ಕರ್ನಾಟಕ ರಾಜ್ಯ ಸಫಾಯಿ ಕರ್ಮಚಾರಿಗಳ ಅಭಿವೃದ್ಧಿ ನಿಗಮದ ವತಿಯಿಂದ 2024-25ನೇ ಸಾಲಿನ ವಿವಿಧ ಯೋಜನೆಗಳಡಿ ಸೌಲಭ್ಯ ಪಡೆಯಲು ಅರ್ಹ ಫಲಾನುಭವಿಗಳಿಂದ ಅರ್ಜಿ ಆಹ್ವಾನಿಸಲಾಗಿದೆ. ಸ್ವಯಂ ಉದ್ಯೋಗ ನೇರ ಸಾಲ ಯೋಜನೆ, ಉದ್ಯಮಶೀಲತಾ ಯೋಜನೆ, ಗಂಗಾ ಕಲ್ಯಾಣ ಯೋಜನೆ ಹಾಗೂ ಭೂ ಒಡೆತನ ಯೋಜನೆಗಳಡಿ ಸಾಲ ಸೌಲಭ್ಯ ಲಭ್ಯವಿದೆ. ಅರ್ಜಿದಾರರು ಸೇವಾಸಿಂಧು ಪೋರ್ಟಲ್ sevasindhu.karnataka.gov.in ಮೂಲಕ ಆನ್‌ಲೈನ್ ನಲ್ಲಿ ಅರ್ಜಿ ಸಲ್ಲಿಸಬೇಕು. ಅರ್ಜಿ ಸಲ್ಲಿಸಲು ಅಕ್ಟೋಬರ್ 10 ಕೊನೆಯ ದಿನಾಂಕವಾಗಿದೆ. ಅರ್ಜಿಯೊಂದಿಗೆ ಜಾತಿ ಪ್ರಮಾಣ ಪತ್ರ, ಆದಾಯ ಪ್ರಮಾಣ ಪತ್ರ, ಆಧಾರ್ ಕಾರ್ಡ್, ಬ್ಯಾಂಕ್ ಖಾತೆ ವಿವರ ಹಾಗೂ ಭಾವಚಿತ್ರ ಲಗತ್ತಿಸಬೇಕು. ಹೆಚ್ಚಿನ ಮಾಹಿತಿಗಾಗಿ ದೂರವಾಣಿ ಸಂಖ್ಯೆ 8050854019, 8050854020, 8050854021 ಸಂಪರ್ಕಿಸಬಹುದು ಎಂದು ನಿಗಮದ ಜಿಲ್ಲಾ ವ್ಯವಸ್ಥಾಪಕರು ಪ್ರಕಟಣೆಯಲ್ಲಿ ತಿಳಿಸಿದ್ದಾರೆ. ಸ್ವೀಕೃತ ಅರ್ಜಿಗಳನ್ನು ಪರಿಶೀಲಿಸಿ ಆಯ್ಕೆ ಸಮಿತಿ ಮೂಲಕ ಫಲಾನುಭವಿಗಳನ್ನು ಆಯ್ಕೆ ಮಾಡಲಾಗುವುದು.

ಕರ್ನಾಟಕ ರಾಜ್ಯ ಸಫಾಯಿ ಕರ್ಮಚಾರಿಗಳ ಅಭಿವೃದ್ಧಿ ನಿಗಮದ ವತಿಯಿಂದ 2024-25ನೇ ಸಾಲಿನ ವಿವಿಧ ಯೋಜನೆಗಳಡಿ ಸೌಲಭ್ಯ ಪಡೆಯಲು ಅರ್ಹ ಫಲಾನುಭವಿಗಳಿಂದ ಅರ್ಜಿ ಆಹ್ವಾನಿಸಲಾಗಿದೆ. ಸ್ವಯಂ ಉದ್ಯೋಗ ನೇರ ಸಾಲ ಯೋಜನೆ, ಉದ್ಯಮಶೀಲತಾ ಯೋಜನೆ, ಗಂಗಾ ಕಲ್ಯಾಣ ಯೋಜನೆ ಹಾಗೂ ಭೂ ಒಡೆತನ ಯೋಜನೆಗಳಡಿ ಸಾಲ ಸೌಲಭ್ಯ ಲಭ್ಯವಿದೆ. ಅರ್ಜಿದಾರರು ಸೇವಾಸಿಂಧು ಪೋರ್ಟಲ್ sevasindhu.karnataka.gov.in ಮೂಲಕ ಆನ್‌ಲೈನ್ ನಲ್ಲಿ ಅರ್ಜಿ ಸಲ್ಲಿಸಬೇಕು. ಅರ್ಜಿ ಸಲ್ಲಿಸಲು ಅಕ್ಟೋಬರ್ 10 ಕೊನೆಯ ದಿನಾಂಕವಾಗಿದೆ. ಅರ್ಜಿಯೊಂದಿಗೆ ಜಾತಿ ಪ್ರಮಾಣ ಪತ್ರ, ಆದಾಯ ಪ್ರಮಾಣ ಪತ್ರ, ಆಧಾರ್ ಕಾರ್ಡ್, ಬ್ಯಾಂಕ್ ಖಾತೆ ವಿವರ ಹಾಗೂ ಭಾವಚಿತ್ರ ಲಗತ್ತಿಸಬೇಕು. ಹೆಚ್ಚಿನ ಮಾಹಿತಿಗಾಗಿ ದೂರವಾಣಿ ಸಂಖ್ಯೆ 8050854019, 8050854020, 8050854021 ಸಂಪರ್ಕಿಸಬಹುದು ಎಂದು ನಿಗಮದ ಜಿಲ್ಲಾ ವ್ಯವಸ್ಥಾಪಕರು ಪ್ರಕಟಣೆಯಲ್ಲಿ ತಿಳಿಸಿದ್ದಾರೆ. ಸ್ವೀಕೃತ ಅರ್ಜಿಗಳನ್ನು ಪರಿಶೀಲಿಸಿ ಆಯ್ಕೆ ಸಮಿತಿ ಮೂಲಕ ಫಲಾನುಭವಿಗಳನ್ನು ಆಯ್ಕೆ ಮಾಡಲಾಗುವುದು.

ಕರ್ನಾಟಕ ರಾಜ್ಯ ಸಫಾಯಿ ಕರ್ಮಚಾರಿಗಳ ಅಭಿವೃದ್ಧಿ ನಿಗಮದ ವತಿಯಿಂದ 2024-25ನೇ ಸಾಲಿನ ವಿವಿಧ ಯೋಜನೆಗಳಡಿ ಸೌಲಭ್ಯ ಪಡೆಯಲು ಅರ್ಹ ಫಲಾನುಭವಿಗಳಿಂದ ಅರ್ಜಿ ಆಹ್ವಾನಿಸಲಾಗಿದೆ. ಸ್ವಯಂ ಉದ್ಯೋಗ ನೇರ ಸಾಲ ಯೋಜನೆ, ಉದ್ಯಮಶೀಲತಾ ಯೋಜನೆ, ಗಂಗಾ ಕಲ್ಯಾಣ ಯೋಜನೆ ಹಾಗೂ ಭೂ ಒಡೆತನ ಯೋಜನೆಗಳಡಿ ಸಾಲ ಸೌಲಭ್ಯ ಲಭ್ಯವಿದೆ. ಅರ್ಜಿದಾರರು ಸೇವಾಸಿಂಧು ಪೋರ್ಟಲ್ sevasindhu.karnataka.gov.in ಮೂಲಕ ಆನ್‌ಲೈನ್ ನಲ್ಲಿ ಅರ್ಜಿ ಸಲ್ಲಿಸಬೇಕು. ಅರ್ಜಿ ಸಲ್ಲಿಸಲು ಅಕ್ಟೋಬರ್ 10 ಕೊನೆಯ ದಿನಾಂಕವಾಗಿದೆ. ಅರ್ಜಿಯೊಂದಿಗೆ ಜಾತಿ ಪ್ರಮಾಣ ಪತ್ರ, ಆದಾಯ ಪ್ರಮಾಣ ಪತ್ರ, ಆಧಾರ್ ಕಾರ್ಡ್, ಬ್ಯಾಂಕ್ ಖಾತೆ ವಿವರ ಹಾಗೂ ಭಾವಚಿತ್ರ ಲಗತ್ತಿಸಬೇಕು. ಹೆಚ್ಚಿನ ಮಾಹಿತಿಗಾಗಿ ದೂರವಾಣಿ ಸಂಖ್ಯೆ 8050854019, 8050854020, 8050854021 ಸಂಪರ್ಕಿಸಬಹುದು ಎಂದು ನಿಗಮದ ಜಿಲ್ಲಾ ವ್ಯವಸ್ಥಾಪಕರು ಪ್ರಕಟಣೆಯಲ್ಲಿ ತಿಳಿಸಿದ್ದಾರೆ. ಸ್ವೀಕೃತ ಅರ್ಜಿಗಳನ್ನು ಪರಿಶೀಲಿಸಿ ಆಯ್ಕೆ ಸಮಿತಿ ಮೂಲಕ ಫಲಾನುಭವಿಗಳನ್ನು ಆಯ್ಕೆ ಮಾಡಲಾಗುವುದು.

ಶಿಲ್ಪಕಲೆಗೆ ವಿಶ್ವಕರ್ಮ ಸಮುದಾಯದ ಕೊಡುಗೆ ಅಪಾರ

ಚಾಮರಾಜನಗರ: ನಮ್ಮ ನಾಡಿನ ಶಿಲ್ಪಕಲೆ, ವಾಸ್ತುಶಿಲ್ಪ ಹಾಗೂ ಕರಕುಶಲ ಕಲೆಗಳಿಗೆ ವಿಶ್ವಕರ್ಮ ಸಮುದಾಯದ ಕೊಡುಗೆ ಅಪಾರವಾಗಿದೆ ಎಂದು ಜಿಲ್ಲಾಧಿಕಾರಿಗಳು ತಿಳಿಸಿದರು. ಜಿಲ್ಲಾಡಳಿತ ವತಿಯಿಂದ ಏರ್ಪಡಿಸಲಾಗಿದ್ದ ವಿಶ್ವಕರ್ಮ ಜಯಂತಿ ಕಾರ್ಯಕ್ರಮದಲ್ಲಿ ಅವರು ಮಾತನಾಡಿದರು. ದೇವಾಲಯಗಳ ಶಿಲ್ಪಕಲೆ ಇಂದಿಗೂ ವಿಶ್ವದ ಗಮನ ಸೆಳೆಯುತ್ತಿದೆ. ಸಮುದಾಯದ ಯುವಕರು ಶಿಕ್ಷಣ ಪಡೆದು ಪರಂಪರಾಗತ ಕಲೆಯನ್ನು ಮುಂದುವರಿಸಬೇಕು ಎಂದರು. ಕಾರ್ಯಕ್ರಮಕ್ಕೂ ಮುನ್ನ ವಿಶ್ವಕರ್ಮರ ಭಾವಚಿತ್ರದ ಮೆರವಣಿಗೆ ನಡೆಯಿತು. ಸಮುದಾಯದ ಮುಖಂಡರು, ಅಧಿಕಾರಿಗಳು ಹಾಗೂ ಕಲಾವಿದರು ಭಾಗವಹಿಸಿದ್ದರು.

ನಮ್ಮ ನಾಡಿನ ಶಿಲ್ಪಕಲೆ, ವಾಸ್ತುಶಿಲ್ಪ ಹಾಗೂ ಕರಕುಶಲ ಕಲೆಗಳಿಗೆ ವಿಶ್ವಕರ್ಮ ಸಮುದಾಯದ ಕೊಡುಗೆ ಅಪಾರವಾಗಿದೆ ಎಂದು ಜಿಲ್ಲಾಧಿಕಾರಿಗಳು ತಿಳಿಸಿದರು. ಜಿಲ್ಲಾಡಳಿತ ವತಿಯಿಂದ ಏರ್ಪಡಿಸಲಾಗಿದ್ದ ವಿಶ್ವಕರ್ಮ ಜಯಂತಿ ಕಾರ್ಯಕ್ರಮದಲ್ಲಿ ಅವರು ಮಾತನಾಡಿದರು. ದೇವಾಲಯಗಳ ಶಿಲ್ಪಕಲೆ ಇಂದಿಗೂ ವಿಶ್ವದ ಗಮನ ಸೆಳೆಯುತ್ತಿದೆ. ಸಮುದಾಯದ ಯುವಕರು ಶಿಕ್ಷಣ ಪಡೆದು ಪರಂಪರಾಗತ ಕಲೆಯನ್ನು ಮುಂದುವರಿಸಬೇಕು ಎಂದರು. ಕಾರ್ಯಕ್ರಮಕ್ಕೂ ಮುನ್ನ ವಿಶ್ವಕರ್ಮರ ಭಾವಚಿತ್ರದ ಮೆರವಣಿಗೆ ನಡೆಯಿತು. ಸಮುದಾಯದ ಮುಖಂಡರು, ಅಧಿಕಾರಿಗಳು ಹಾಗೂ ಕಲಾವಿದರು ಭಾಗವಹಿಸಿದ್ದರು.

ನಮ್ಮ ನಾಡಿನ ಶಿಲ್ಪಕಲೆ, ವಾಸ್ತುಶಿಲ್ಪ ಹಾಗೂ ಕರಕುಶಲ ಕಲೆಗಳಿಗೆ ವಿಶ್ವಕರ್ಮ ಸಮುದಾಯದ ಕೊಡುಗೆ ಅಪಾರವಾಗಿದೆ ಎಂದು ಜಿಲ್ಲಾಧಿಕಾರಿಗಳು ತಿಳಿಸಿದರು. ಜಿಲ್ಲಾಡಳಿತ ವತಿಯಿಂದ ಏರ್ಪಡಿಸಲಾಗಿದ್ದ ವಿಶ್ವಕರ್ಮ ಜಯಂತಿ ಕಾರ್ಯಕ್ರಮದಲ್ಲಿ ಅವರು ಮಾತನಾಡಿದರು. ದೇವಾಲಯಗಳ ಶಿಲ್ಪಕಲೆ ಇಂದಿಗೂ ವಿಶ್ವದ ಗಮನ ಸೆಳೆಯುತ್ತಿದೆ. ಸಮುದಾಯದ ಯುವಕರು ಶಿಕ್ಷಣ ಪಡೆದು ಪರಂಪರಾಗತ ಕಲೆಯನ್ನು ಮುಂದುವರಿಸಬೇಕು ಎಂದರು. ಕಾರ್ಯಕ್ರಮಕ್ಕೂ ಮುನ್ನ ವಿಶ್ವಕರ್ಮರ ಭಾವಚಿತ್ರದ ಮೆರವಣಿಗೆ ನಡೆಯಿತು. ಸಮುದಾಯದ ಮುಖಂಡರು, ಅಧಿಕಾರಿಗಳು ಹಾಗೂ ಕಲಾವಿದರು ಭಾಗವಹಿಸಿದ್ದರು.

ನಮ್ಮ ನಾಡಿನ ಶಿಲ್ಪಕಲೆ, ವಾಸ್ತುಶಿಲ್ಪ ಹಾಗೂ ಕರಕುಶಲ ಕಲೆಗಳಿಗೆ ವಿಶ್ವಕರ್ಮ ಸಮುದಾಯದ ಕೊಡುಗೆ ಅಪಾರವಾಗಿದೆ ಎಂದು ಜಿಲ್ಲಾಧಿಕಾರಿಗಳು ತಿಳಿಸಿದರು. ಜಿಲ್ಲಾಡಳಿತ ವತಿಯಿಂದ ಏರ್ಪಡಿಸಲಾಗಿದ್ದ ವಿಶ್ವಕರ್ಮ ಜಯಂತಿ ಕಾರ್ಯಕ್ರಮದಲ್ಲಿ ಅವರು ಮಾತನಾಡಿದರು. ದೇವಾಲಯಗಳ ಶಿಲ್ಪಕಲೆ ಇಂದಿಗೂ ವಿಶ್ವದ ಗಮನ ಸೆಳೆಯುತ್ತಿದೆ. ಸಮುದಾಯದ ಯುವಕರು ಶಿಕ್ಷಣ ಪಡೆದು ಪರಂಪರಾಗತ ಕಲೆಯನ್ನು ಮುಂದುವರಿಸಬೇಕು ಎಂದರು. ಕಾರ್ಯಕ್ರಮಕ್ಕೂ ಮುನ್ನ ವಿಶ್ವಕರ್ಮರ ಭಾವಚಿತ್ರದ ಮೆರವಣಿಗೆ ನಡೆಯಿತು. ಸಮುದಾಯದ ಮುಖಂಡರು, ಅಧಿಕಾರಿಗಳು ಹಾಗೂ ಕಲಾವಿದರು ಭಾಗವಹಿಸಿದ್ದರು.

ನಮ್ಮ ನಾಡಿನ ಶಿಲ್ಪಕಲೆ, ವಾಸ್ತುಶಿಲ್ಪ ಹಾಗೂ ಕರಕುಶಲ ಕಲೆಗಳಿಗೆ ವಿಶ್ವಕರ್ಮ ಸಮುದಾಯದ ಕೊಡುಗೆ ಅಪಾರವಾಗಿದೆ ಎಂದು ಜಿಲ್ಲಾಧಿಕಾರಿಗಳು ತಿಳಿಸಿದರು. ಜಿಲ್ಲಾಡಳಿತ ವತಿಯಿಂದ ಏರ್ಪಡಿಸಲಾಗಿದ್ದ ವಿಶ್ವಕರ್ಮ ಜಯಂತಿ ಕಾರ್ಯಕ್ರಮದಲ್ಲಿ ಅವರು ಮಾತನಾಡಿದರು. ದೇವಾಲಯಗಳ ಶಿಲ್ಪಕಲೆ ಇಂದಿಗೂ ವಿಶ್ವದ ಗಮನ ಸೆಳೆಯುತ್ತಿದೆ. ಸಮುದಾಯದ ಯುವಕರು ಶಿಕ್ಷಣ ಪಡೆದು ಪರಂಪರಾಗತ ಕಲೆಯನ್ನು ಮುಂದುವರಿಸಬೇಕು ಎಂದರು. ಕಾರ್ಯಕ್ರಮಕ್ಕೂ ಮುನ್ನ ವಿಶ್ವಕರ್ಮರ ಭಾವಚಿತ್ರದ ಮೆರವಣಿಗೆ ನಡೆಯಿತು. ಸಮುದಾಯದ ಮುಖಂಡರು, ಅಧಿಕಾರಿಗಳು ಹಾಗೂ ಕಲಾವಿದರು ಭಾಗವಹಿಸಿದ್ದರು.
